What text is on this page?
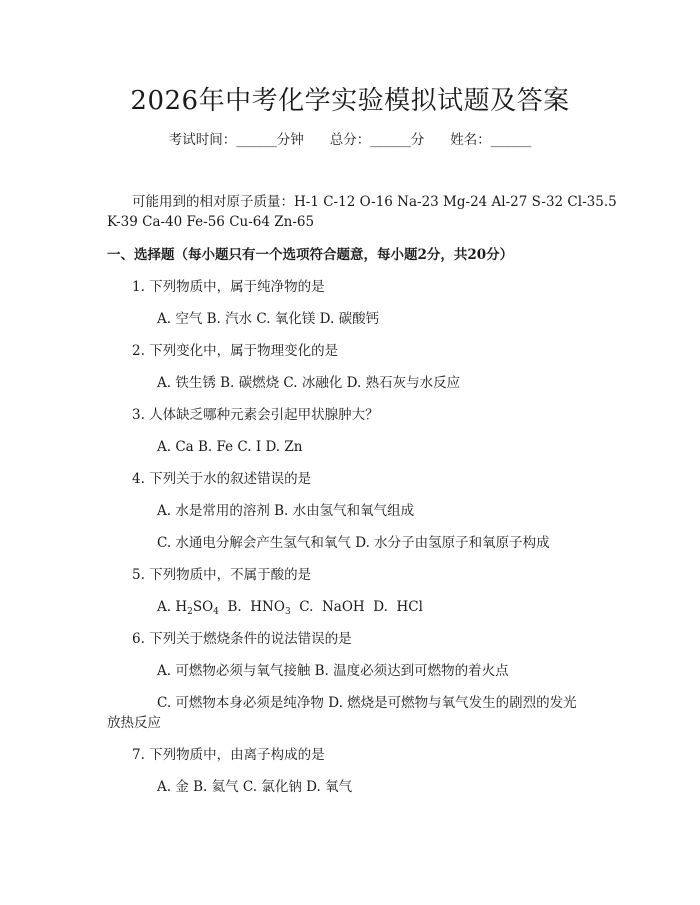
2026年中考化学实验模拟试题及答案
考试时间：______分钟 总分：______分 姓名：______
可能用到的相对原子质量：H-1 C-12 O-16 Na-23 Mg-24 Al-27 S-32 Cl-35.5
K-39 Ca-40 Fe-56 Cu-64 Zn-65
一、选择题（每小题只有一个选项符合题意，每小题2分，共20分）
1. 下列物质中，属于纯净物的是
A. 空气 B. 汽水 C. 氧化镁 D. 碳酸钙
2. 下列变化中，属于物理变化的是
A. 铁生锈 B. 碳燃烧 C. 冰融化 D. 熟石灰与水反应
3. 人体缺乏哪种元素会引起甲状腺肿大？
A. Ca B. Fe C. I D. Zn
4. 下列关于水的叙述错误的是
A. 水是常用的溶剂 B. 水由氢气和氧气组成
C. 水通电分解会产生氢气和氧气 D. 水分子由氢原子和氧原子构成
5. 下列物质中，不属于酸的是
A. $H_2SO_4$  B.  $HNO_3$  C.  NaOH  D.  HCl
6. 下列关于燃烧条件的说法错误的是
A. 可燃物必须与氧气接触 B. 温度必须达到可燃物的着火点
C. 可燃物本身必须是纯净物 D. 燃烧是可燃物与氧气发生的剧烈的发光
放热反应
7. 下列物质中，由离子构成的是
A. 金 B. 氦气 C. 氯化钠 D. 氧气
